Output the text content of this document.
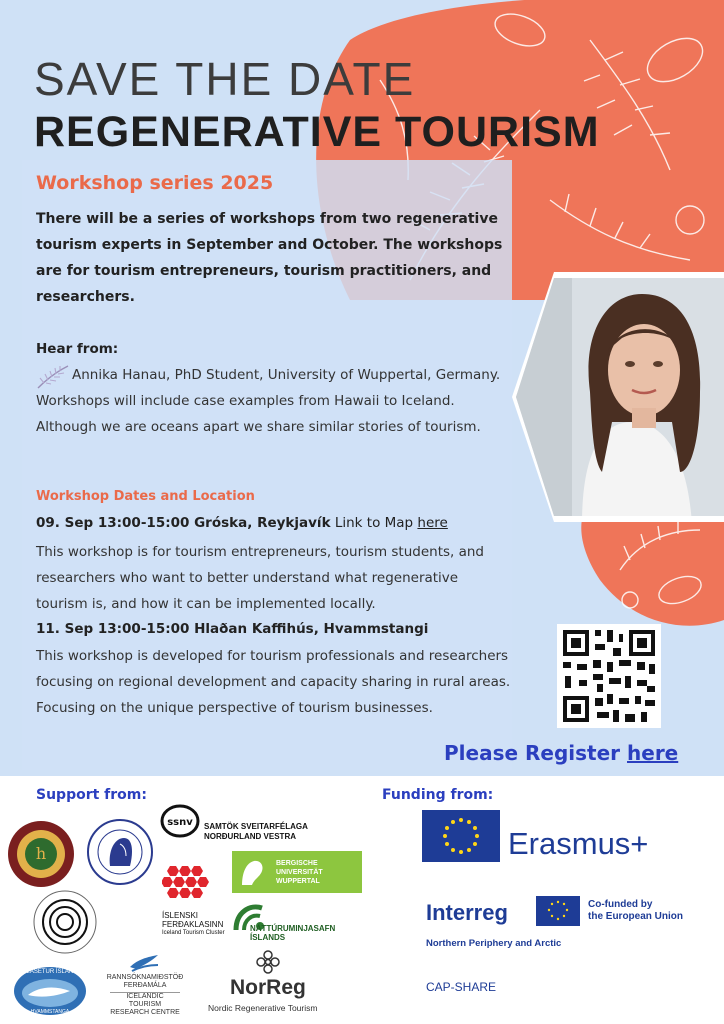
SAVE THE DATE
REGENERATIVE TOURISM
Workshop series 2025
There will be a series of workshops from two regenerative tourism experts in September and October. The workshops are for tourism entrepreneurs, tourism practitioners, and researchers.
Hear from:
Annika Hanau, PhD Student, University of Wuppertal, Germany. Workshops will include case examples from Hawaii to Iceland. Although we are oceans apart we share similar stories of tourism.
Workshop Dates and Location
09. Sep 13:00-15:00 Gróska, Reykjavík Link to Map here
This workshop is for tourism entrepreneurs, tourism students, and researchers who want to better understand what regenerative tourism is, and how it can be implemented locally.
11. Sep 13:00-15:00 Hlaðan Kaffihús, Hvammstangi
This workshop is developed for tourism professionals and researchers focusing on regional development and capacity sharing in rural areas. Focusing on the unique perspective of tourism businesses.
Please Register here
Support from:	Funding from:
h
ssnv SAMTÖK SVEITARFÉLAGA
NORÐURLAND VESTRA
ÍSLENSKI
FERÐAKLASINN
Iceland Tourism Cluster
BERGISCHE
UNIVERSITÄT
WUPPERTAL
NÁTTÚRUMINJASAFN
ÍSLANDS
SELASETUR ÍSLANDS
HVAMMSTANGA
RANNSÓKNAMIÐSTÖÐ
FERÐAMÁLA
ICELANDIC TOURISM
RESEARCH CENTRE
NorReg
Nordic Regenerative Tourism
Erasmus+
Interreg	Co-funded by
the European Union
Northern Periphery and Arctic
CAP-SHARE
